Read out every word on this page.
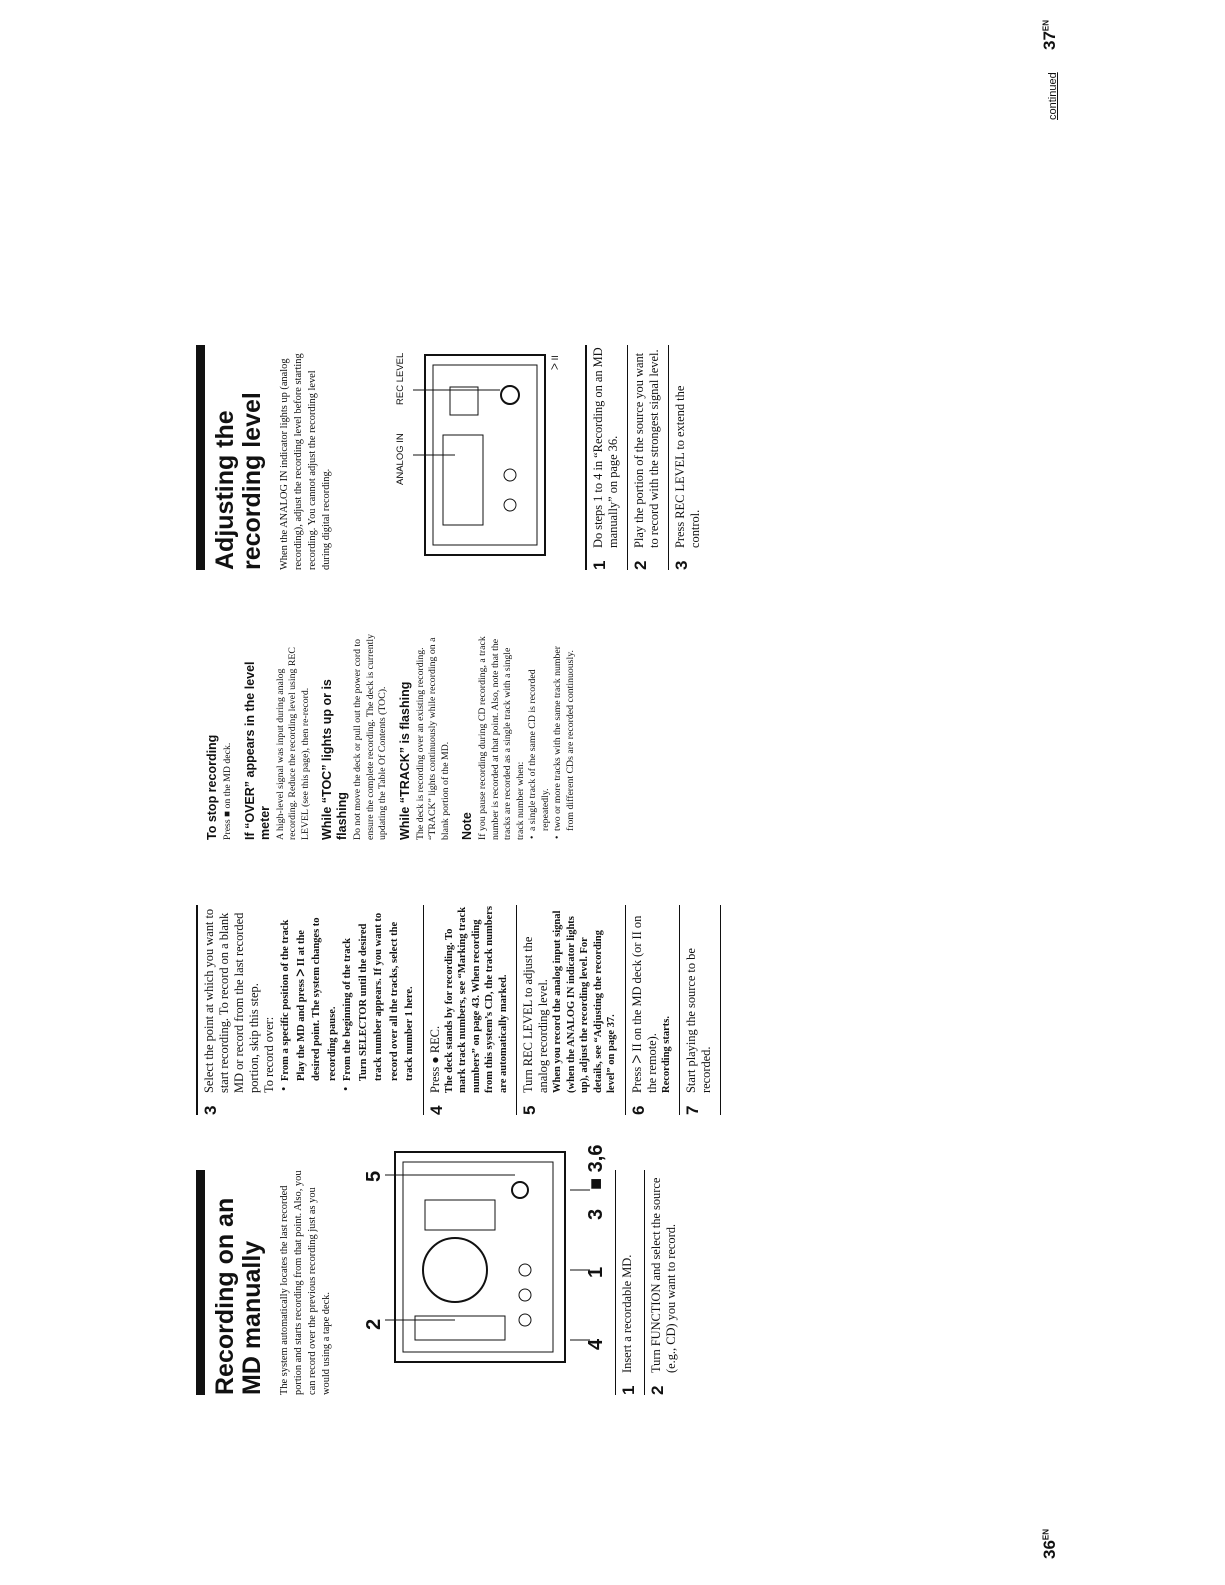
Recording on an MD manually The system automatically locates the last recorded portion and starts recording from that point. Also, you can record over the previous recording just as you would using a tape deck. 2
5
4
1
3
■ 3,6
1
Insert a recordable MD.
2
Turn FUNCTION and select the source (e.g., CD) you want to record.
3
Select the point at which you want to start recording. To record on a blank MD or record from the last recorded portion, skip this step. To record over: • From a specific position of the track Play the MD and press ᐳ II at the desired point. The system changes to recording pause. • From the beginning of the track Turn SELECTOR until the desired track number appears. If you want to record over all the tracks, select the track number 1 here.
4
Press ● REC. The deck stands by for recording. To mark track numbers, see “Marking track numbers” on page 43. When recording from this system’s CD, the track numbers are automatically marked.
5
Turn REC LEVEL to adjust the analog recording level. When you record the analog input signal (when the ANALOG IN indicator lights up), adjust the recording level. For details, see “Adjusting the recording level” on page 37.
6
Press ᐳ II on the MD deck (or II on the remote). Recording starts.
7
Start playing the source to be recorded.
To stop recording Press ■ on the MD deck. If “OVER” appears in the level meter A high-level signal was input during analog recording. Reduce the recording level using REC LEVEL (see this page), then re-record. While “TOC” lights up or is flashing Do not move the deck or pull out the power cord to ensure the complete recording. The deck is currently updating the Table Of Contents (TOC). While “TRACK” is flashing The deck is recording over an existing recording. “TRACK” lights continuously while recording on a blank portion of the MD. Note If you pause recording during CD recording, a track number is recorded at that point. Also, note that the tracks are recorded as a single track with a single track number when: • a single track of the same CD is recorded repeatedly. • two or more tracks with the same track number from different CDs are recorded continuously.
Adjusting the recording level When the ANALOG IN indicator lights up (analog recording), adjust the recording level before starting recording. You cannot adjust the recording level during digital recording.
ANALOG IN
REC LEVEL	ᐳ II
1
Do steps 1 to 4 in “Recording on an MD manually” on page 36.
2
Play the portion of the source you want to record with the strongest signal level.
3
Press REC LEVEL to extend the control.
$36^{EN}$
$37^{EN}$
continued
